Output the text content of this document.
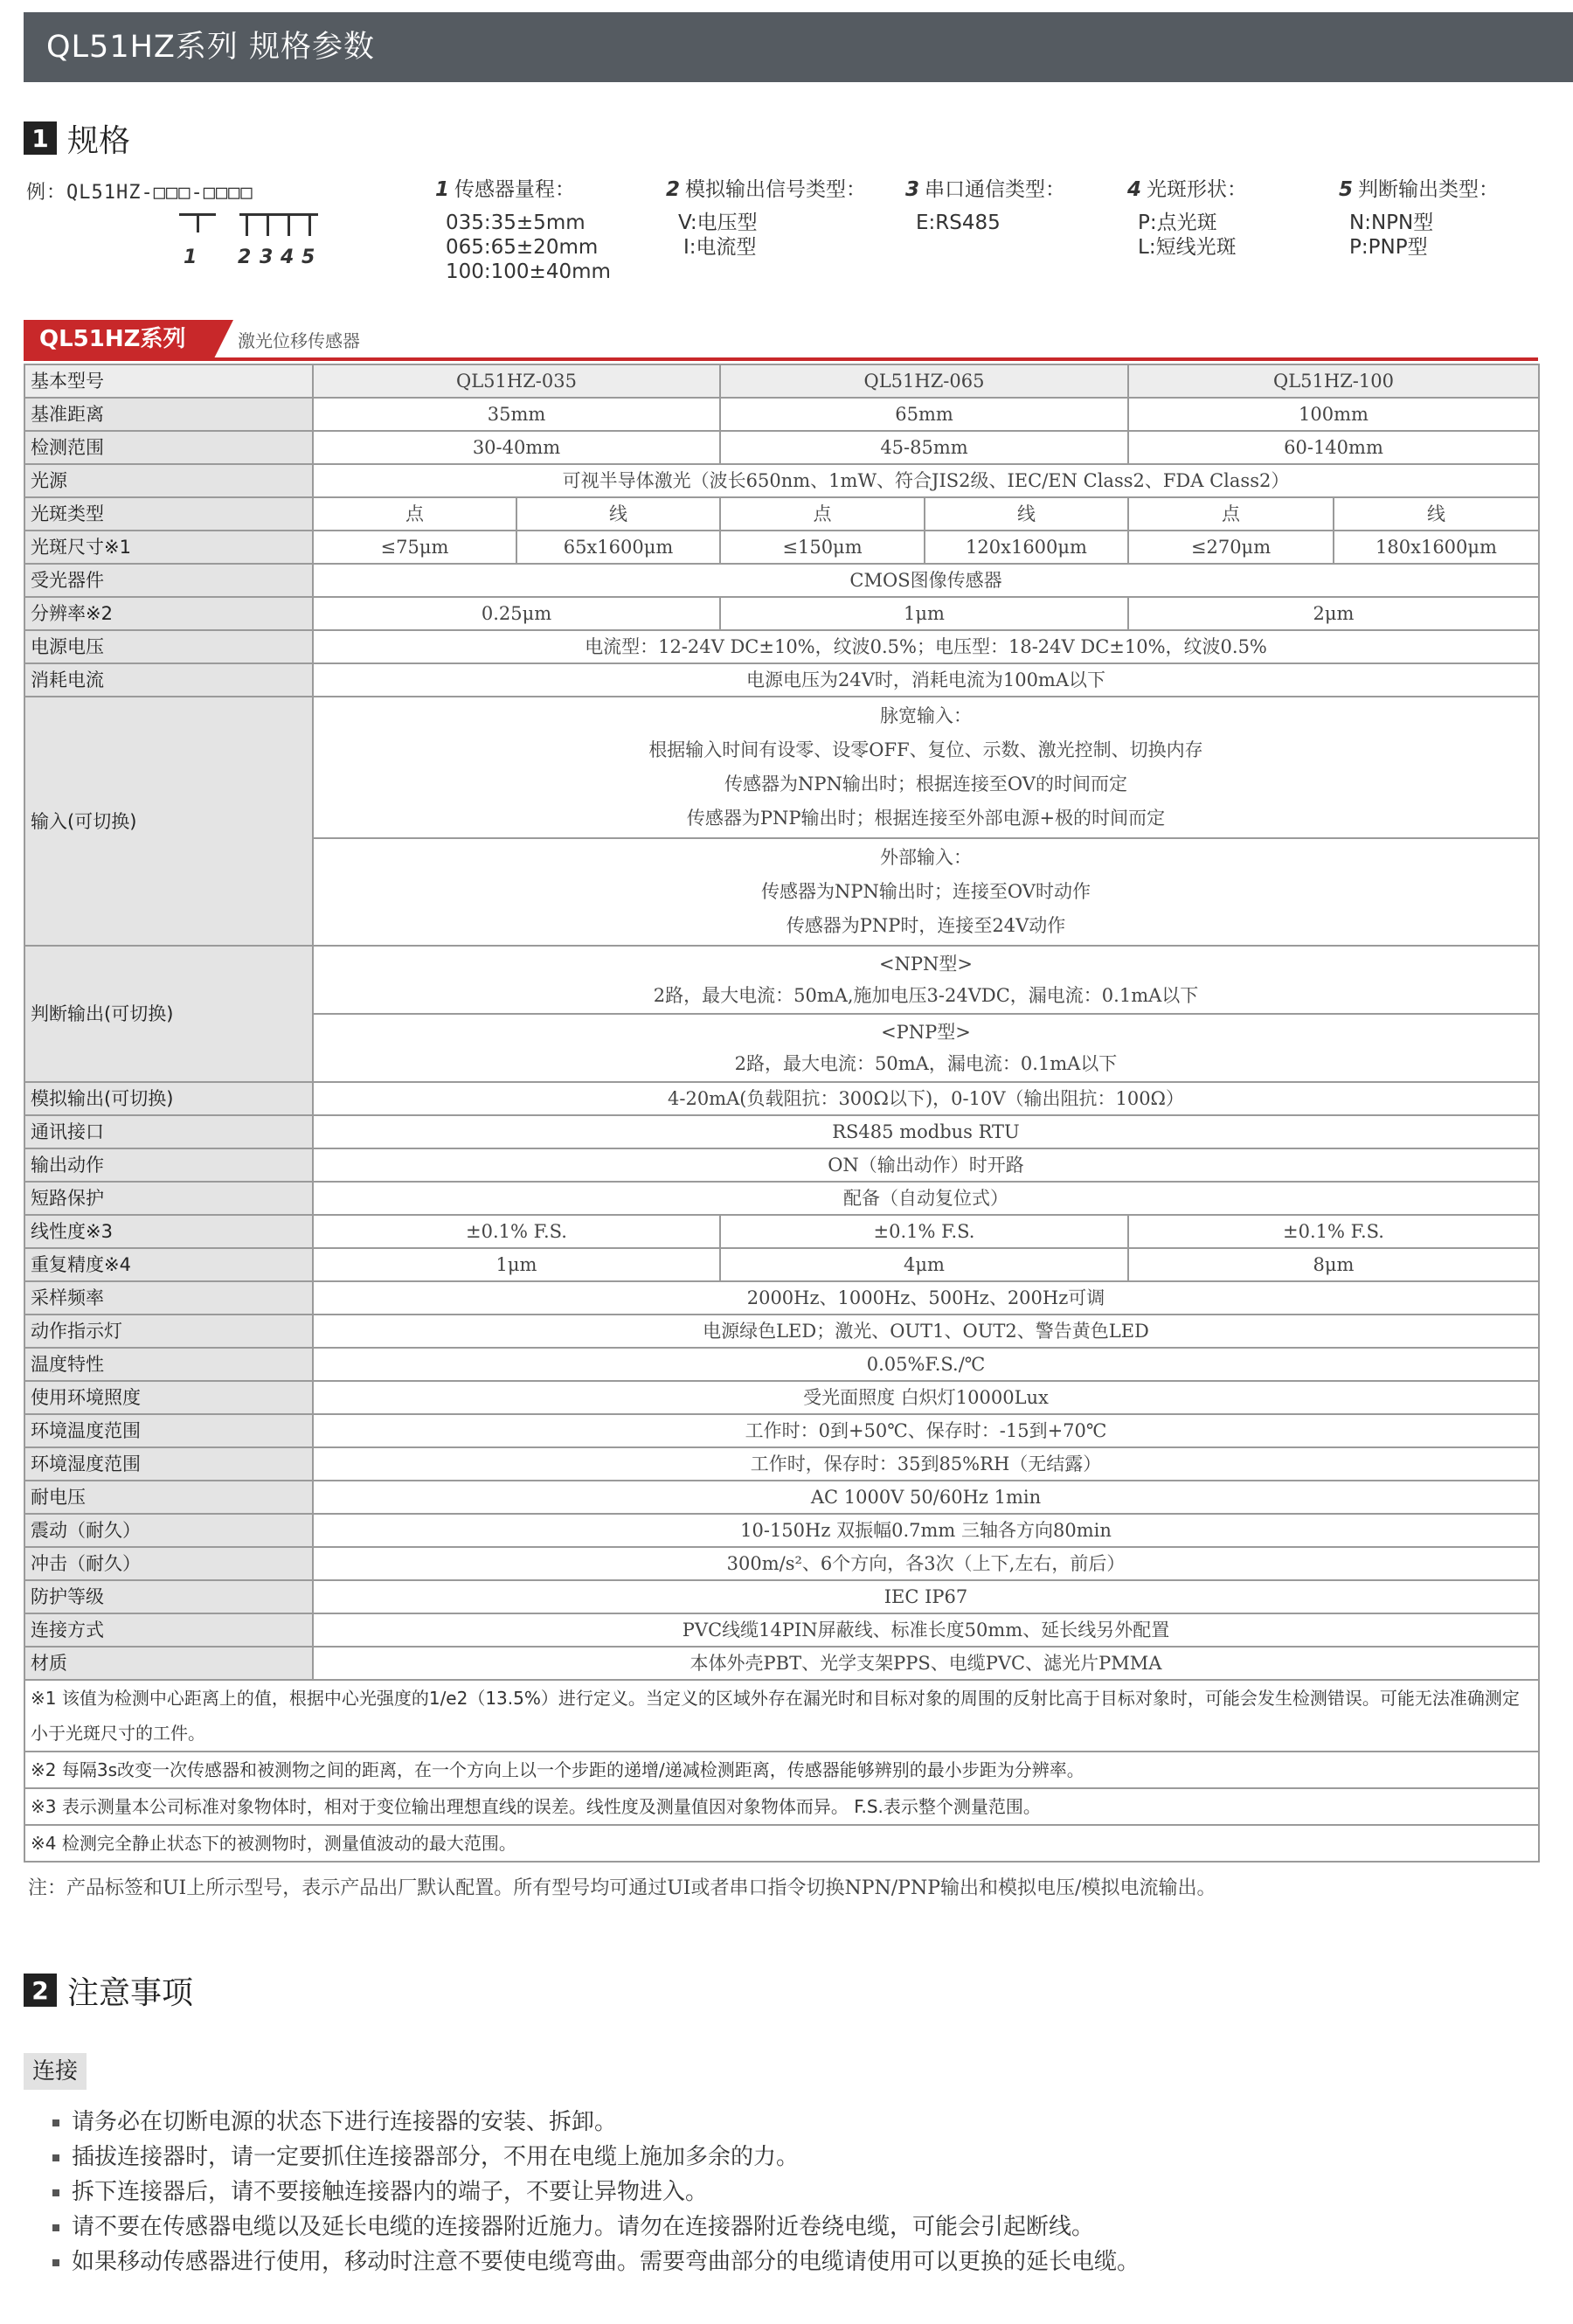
QL51HZ系列 规格参数
1 规格
例：QL51HZ-□□□-□□□□
1 2 3 4 5
1 传感器量程：
035:35±5mm
065:65±20mm
100:100±40mm
2 模拟输出信号类型：
V:电压型
I:电流型
3 串口通信类型：
E:RS485
4 光斑形状：
P:点光斑
L:短线光斑
5 判断输出类型：
N:NPN型
P:PNP型
QL51HZ系列	激光位移传感器
基本型号	QL51HZ-035		QL51HZ-065		QL51HZ-100	
基准距离	35mm		65mm		100mm	
检测范围	30-40mm		45-85mm		60-140mm	
光源	可视半导体激光（波长650nm、1mW、符合JIS2级、IEC/EN Class2、FDA Class2）					
光斑类型	点	线	点	线	点	线
光斑尺寸※1	≤75μm	65x1600μm	≤150μm	120x1600μm	≤270μm	180x1600μm
受光器件	CMOS图像传感器					
分辨率※2	0.25μm		1μm		2μm	
电源电压	电流型：12-24V DC±10%，纹波0.5%；电压型：18-24V DC±10%，纹波0.5%					
消耗电流	电源电压为24V时，消耗电流为100mA以下					
输入(可切换)	脉宽输入：
根据输入时间有设零、设零OFF、复位、示数、激光控制、切换内存
传感器为NPN输出时；根据连接至OV的时间而定
传感器为PNP输出时；根据连接至外部电源+极的时间而定					

	外部输入：
传感器为NPN输出时；连接至OV时动作
传感器为PNP时，连接至24V动作					

判断输出(可切换)	<NPN型>
2路，最大电流：50mA,施加电压3-24VDC，漏电流：0.1mA以下					

	<PNP型>
2路，最大电流：50mA，漏电流：0.1mA以下					

模拟输出(可切换)	4-20mA(负载阻抗：300Ω以下)，0-10V（输出阻抗：100Ω）					
通讯接口	RS485 modbus RTU					
输出动作	ON（输出动作）时开路					
短路保护	配备（自动复位式）					
线性度※3	±0.1% F.S.		±0.1% F.S.		±0.1% F.S.	
重复精度※4	1μm		4μm		8μm	
采样频率	2000Hz、1000Hz、500Hz、200Hz可调					
动作指示灯	电源绿色LED；激光、OUT1、OUT2、警告黄色LED					
温度特性	0.05%F.S./℃					
使用环境照度	受光面照度 白炽灯10000Lux					
环境温度范围	工作时：0到+50℃、保存时：-15到+70℃					
环境湿度范围	工作时，保存时：35到85%RH（无结露）					
耐电压	AC 1000V 50/60Hz 1min					
震动（耐久）	10-150Hz 双振幅0.7mm 三轴各方向80min					
冲击（耐久）	300m/s²、6个方向，各3次（上下,左右，前后）					
防护等级	IEC IP67					
连接方式	PVC线缆14PIN屏蔽线、标准长度50mm、延长线另外配置					
材质	本体外壳PBT、光学支架PPS、电缆PVC、滤光片PMMA					
※1 该值为检测中心距离上的值，根据中心光强度的1/e2（13.5%）进行定义。当定义的区域外存在漏光时和目标对象的周围的反射比高于目标对象时，可能会发生检测错误。可能无法准确测定小于光斑尺寸的工件。						
※2 每隔3s改变一次传感器和被测物之间的距离，在一个方向上以一个步距的递增/递减检测距离，传感器能够辨别的最小步距为分辨率。						
※3 表示测量本公司标准对象物体时，相对于变位输出理想直线的误差。线性度及测量值因对象物体而异。 F.S.表示整个测量范围。						
※4 检测完全静止状态下的被测物时，测量值波动的最大范围。						
注：产品标签和UI上所示型号，表示产品出厂默认配置。所有型号均可通过UI或者串口指令切换NPN/PNP输出和模拟电压/模拟电流输出。
2 注意事项
连接
请务必在切断电源的状态下进行连接器的安装、拆卸。
插拔连接器时，请一定要抓住连接器部分，不用在电缆上施加多余的力。
拆下连接器后，请不要接触连接器内的端子，不要让异物进入。
请不要在传感器电缆以及延长电缆的连接器附近施力。请勿在连接器附近卷绕电缆，可能会引起断线。
如果移动传感器进行使用，移动时注意不要使电缆弯曲。需要弯曲部分的电缆请使用可以更换的延长电缆。
